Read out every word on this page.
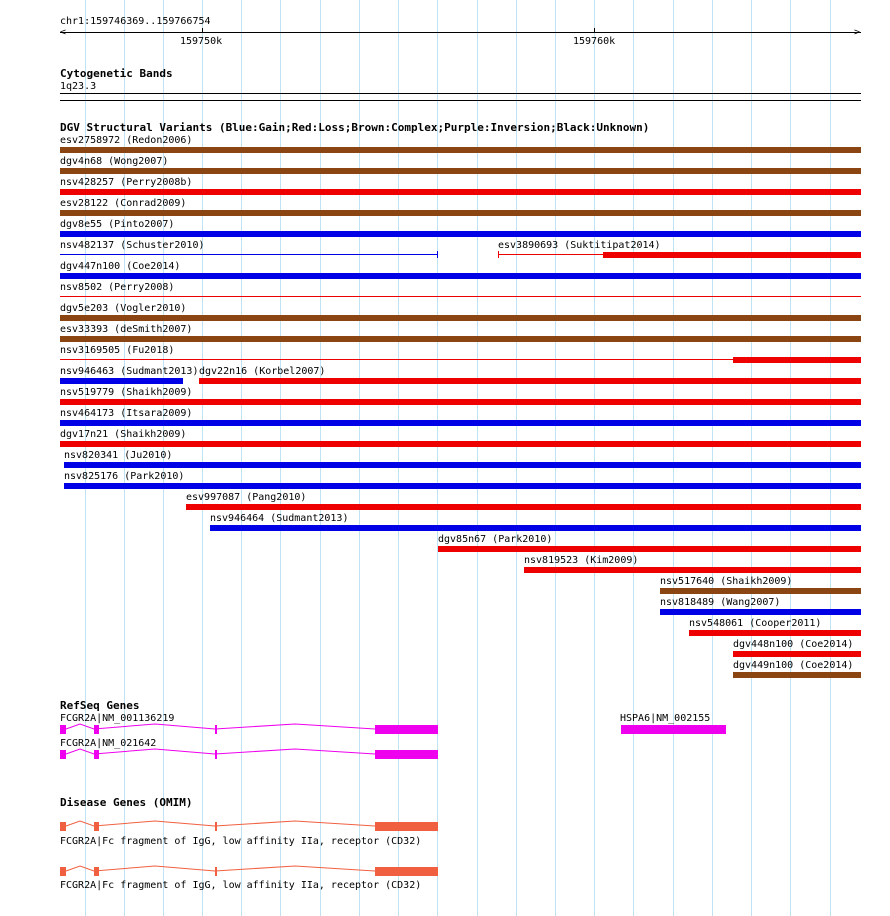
chr1:159746369..159766754
<	>
159750k	159760k
Cytogenetic Bands
1q23.3
DGV Structural Variants (Blue:Gain;Red:Loss;Brown:Complex;Purple:Inversion;Black:Unknown)
esv2758972 (Redon2006)
dgv4n68 (Wong2007)
nsv428257 (Perry2008b)
esv28122 (Conrad2009)
dgv8e55 (Pinto2007)
nsv482137 (Schuster2010)	esv3890693 (Suktitipat2014)
dgv447n100 (Coe2014)
nsv8502 (Perry2008)
dgv5e203 (Vogler2010)
esv33393 (deSmith2007)
nsv3169505 (Fu2018)
nsv946463 (Sudmant2013) dgv22n16 (Korbel2007)
nsv519779 (Shaikh2009)
nsv464173 (Itsara2009)
dgv17n21 (Shaikh2009)
nsv820341 (Ju2010)
nsv825176 (Park2010)
esv997087 (Pang2010)
nsv946464 (Sudmant2013)
dgv85n67 (Park2010)
nsv819523 (Kim2009)
nsv517640 (Shaikh2009)
nsv818489 (Wang2007)
nsv548061 (Cooper2011)
dgv448n100 (Coe2014)
dgv449n100 (Coe2014)
RefSeq Genes
FCGR2A|NM_001136219	HSPA6|NM_002155
FCGR2A|NM_021642
Disease Genes (OMIM)
FCGR2A|Fc fragment of IgG, low affinity IIa, receptor (CD32)
FCGR2A|Fc fragment of IgG, low affinity IIa, receptor (CD32)
